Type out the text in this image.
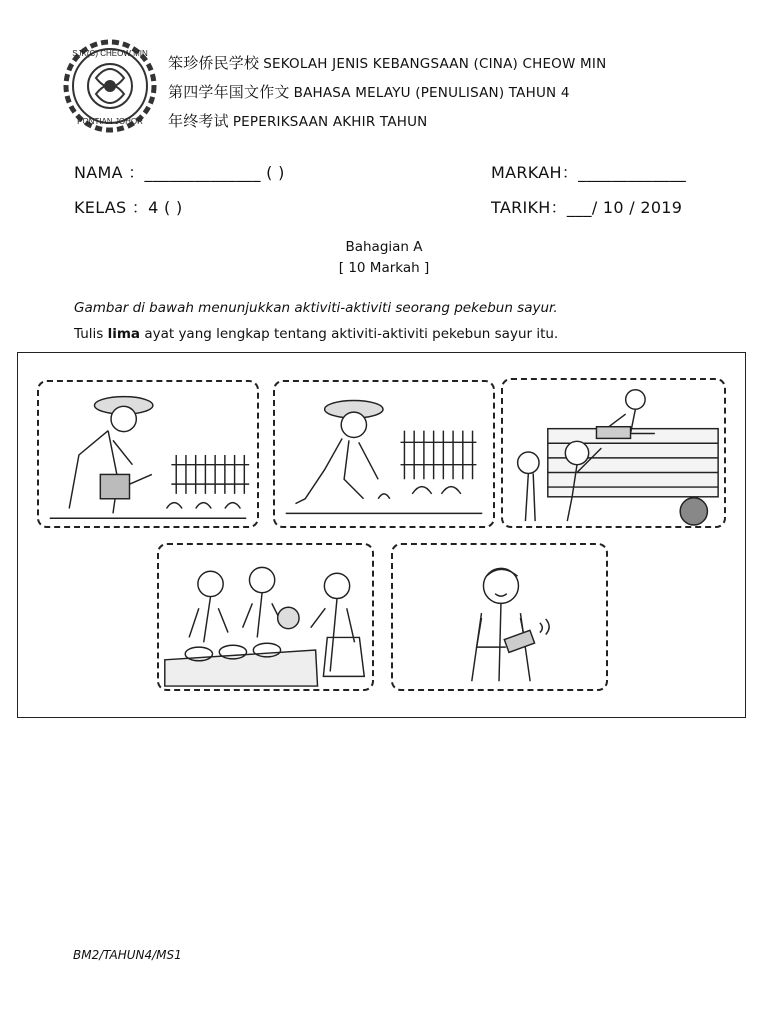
SJK(C) CHEOW MIN
PONTIAN JOHOR
笨珍侨民学校 SEKOLAH JENIS KEBANGSAAN (CINA) CHEOW MIN
第四学年国文作文 BAHASA MELAYU (PENULISAN) TAHUN 4
年终考试 PEPERIKSAAN AKHIR TAHUN
NAMA ：______________ ( )	MARKAH：_____________
KELAS ：4 ( )	TARIKH：___/ 10 / 2019
Bahagian A
[ 10 Markah ]
Gambar di bawah menunjukkan aktiviti-aktiviti seorang pekebun sayur.
Tulis lima ayat yang lengkap tentang aktiviti-aktiviti pekebun sayur itu.
BM2/TAHUN4/MS1
